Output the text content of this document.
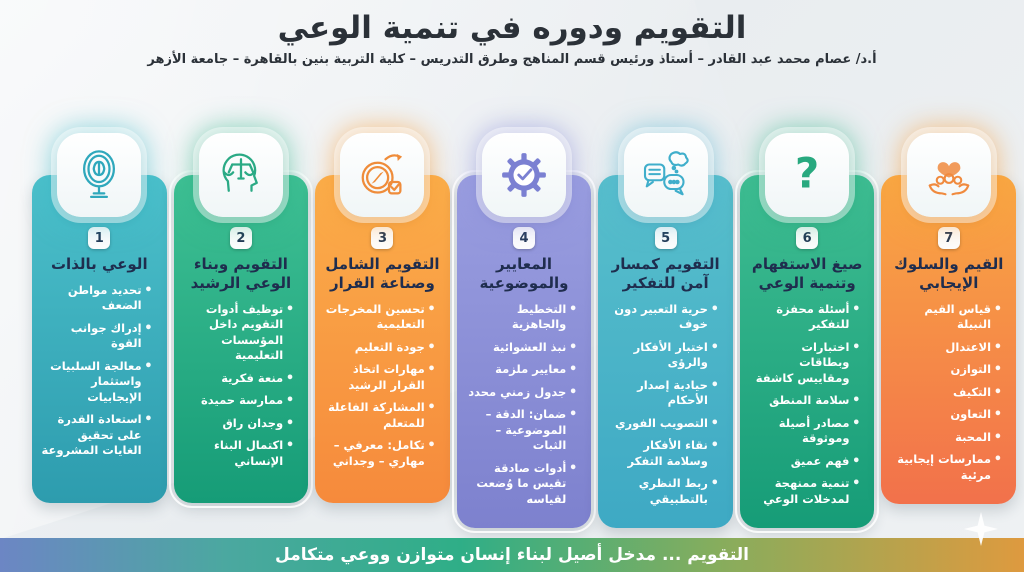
التقويم ودوره في تنمية الوعي

أ.د/ عصام محمد عبد القادر – أستاذ ورئيس قسم المناهج وطرق التدريس – كلية التربية بنين بالقاهرة – جامعة الأزهر

1
الوعي بالذات
• تحديد مواطن الضعف
• إدراك جوانب القوة
• معالجة السلبيات واستثمار الإيجابيات
• استعادة القدرة على تحقيق الغايات المشروعة
2
التقويم وبناء الوعي الرشيد
• توظيف أدوات التقويم داخل المؤسسات التعليمية
• منعة فكرية
• ممارسة حميدة
• وجدان راق
• اكتمال البناء الإنساني
3
التقويم الشامل وصناعة القرار
• تحسين المخرجات التعليمية
• جودة التعليم
• مهارات اتخاذ القرار الرشيد
• المشاركة الفاعلة للمتعلم
• تكامل: معرفي – مهاري – وجداني
4
المعايير والموضوعية
• التخطيط والجاهزية
• نبذ العشوائية
• معايير ملزمة
• جدول زمني محدد
• ضمان: الدقة – الموضوعية – الثبات
• أدوات صادقة تقيس ما وُضعت لقياسه
5
التقويم كمسار آمن للتفكير
• حرية التعبير دون خوف
• اختبار الأفكار والرؤى
• حيادية إصدار الأحكام
• التصويب الفوري
• نقاء الأفكار وسلامة التفكر
• ربط النظري بالتطبيقي
?
6
صيغ الاستفهام وتنمية الوعي
• أسئلة محفزة للتفكير
• اختبارات وبطاقات ومقاييس كاشفة
• سلامة المنطق
• مصادر أصيلة وموثوقة
• فهم عميق
• تنمية ممنهجة لمدخلات الوعي
7
القيم والسلوك الإيجابي
• قياس القيم النبيلة
• الاعتدال
• التوازن
• التكيف
• التعاون
• المحبة
• ممارسات إيجابية مرئية
التقويم ... مدخل أصيل لبناء إنسان متوازن ووعي متكامل
